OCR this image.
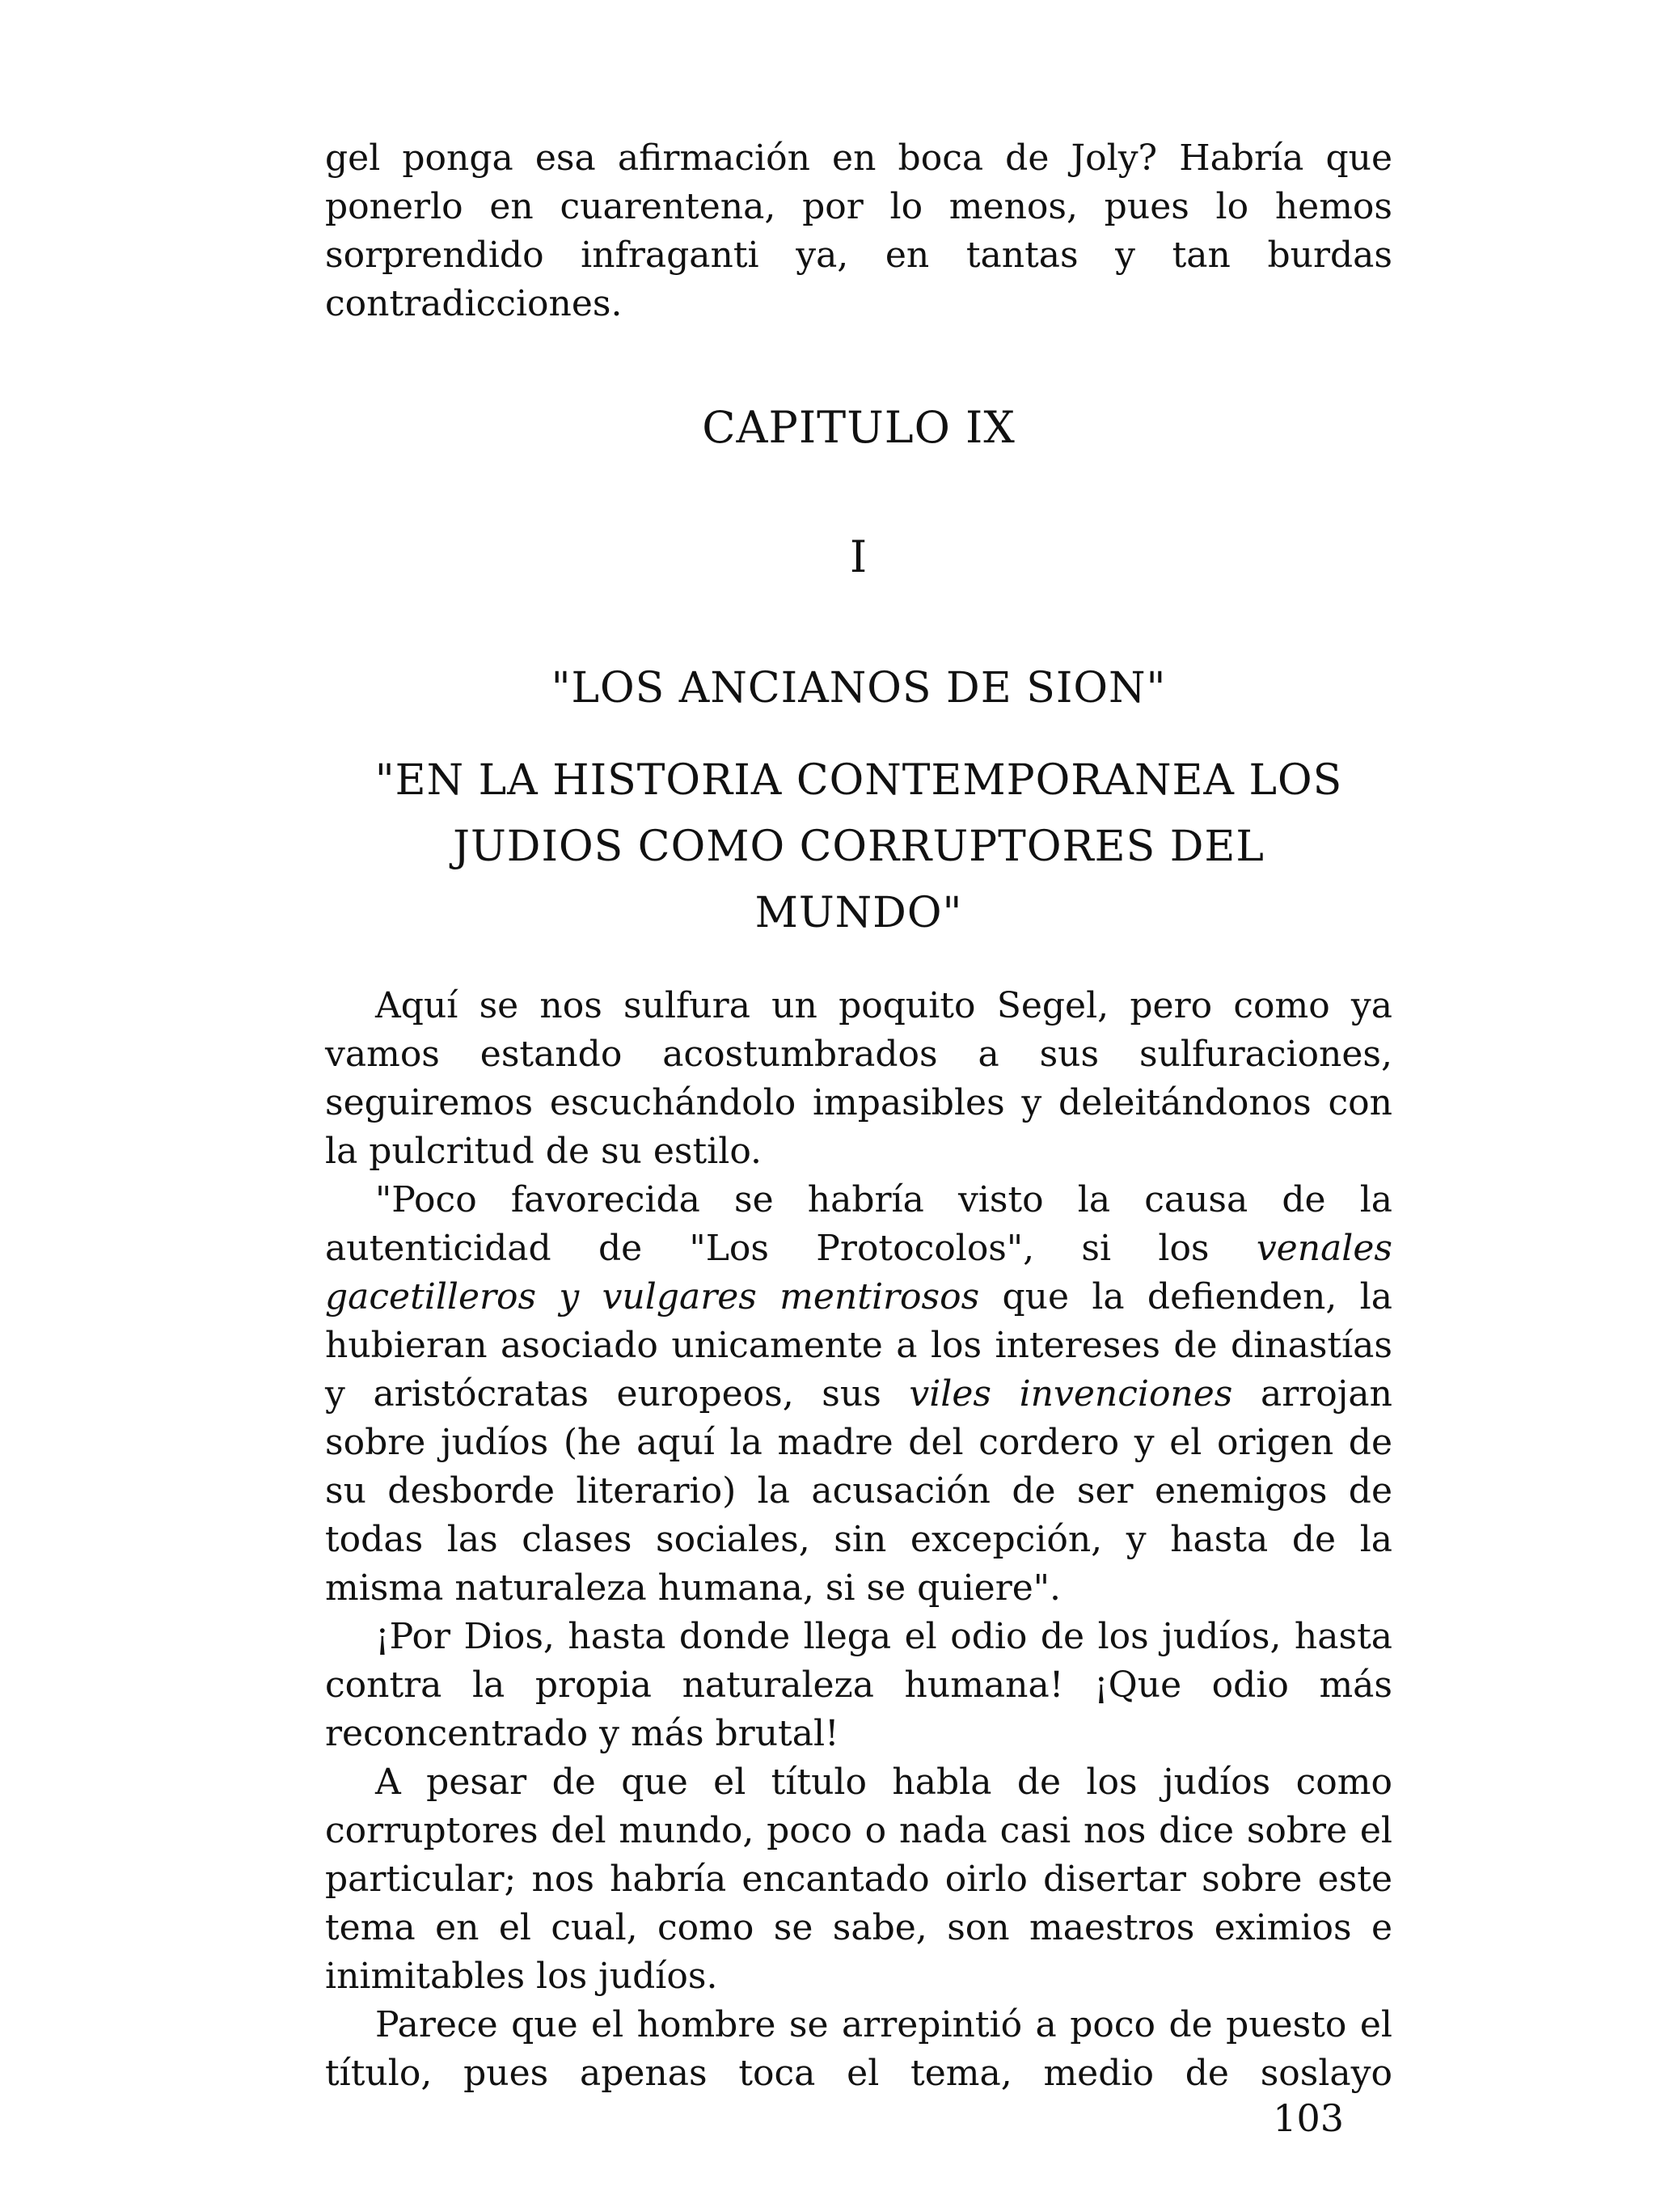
gel ponga esa afirmación en boca de Joly? Habría que

ponerlo en cuarentena, por lo menos, pues lo hemos

sorprendido infraganti ya, en tantas y tan burdas

contradicciones.

CAPITULO IX

I

"LOS ANCIANOS DE SION"

"EN LA HISTORIA CONTEMPORANEA LOS

JUDIOS COMO CORRUPTORES DEL

MUNDO"

Aquí se nos sulfura un poquito Segel, pero como ya vamos estando acostumbrados a sus sulfuraciones, seguiremos escuchándolo impasibles y deleitándonos con la pulcritud de su estilo.

"Poco favorecida se habría visto la causa de la autenticidad de "Los Protocolos", si los venales gacetilleros y vulgares mentirosos que la defienden, la hubieran asociado unicamente a los intereses de dinastías y aristócratas europeos, sus viles invenciones arrojan sobre judíos (he aquí la madre del cordero y el origen de su desborde literario) la acusación de ser enemigos de todas las clases sociales, sin excepción, y hasta de la misma naturaleza humana, si se quiere".

¡Por Dios, hasta donde llega el odio de los judíos, hasta contra la propia naturaleza humana! ¡Que odio más reconcentrado y más brutal!

A pesar de que el título habla de los judíos como corruptores del mundo, poco o nada casi nos dice sobre el particular; nos habría encantado oirlo disertar sobre este tema en el cual, como se sabe, son maestros eximios e inimitables los judíos.

Parece que el hombre se arrepintió a poco de puesto el título, pues apenas toca el tema, medio de soslayo

103
